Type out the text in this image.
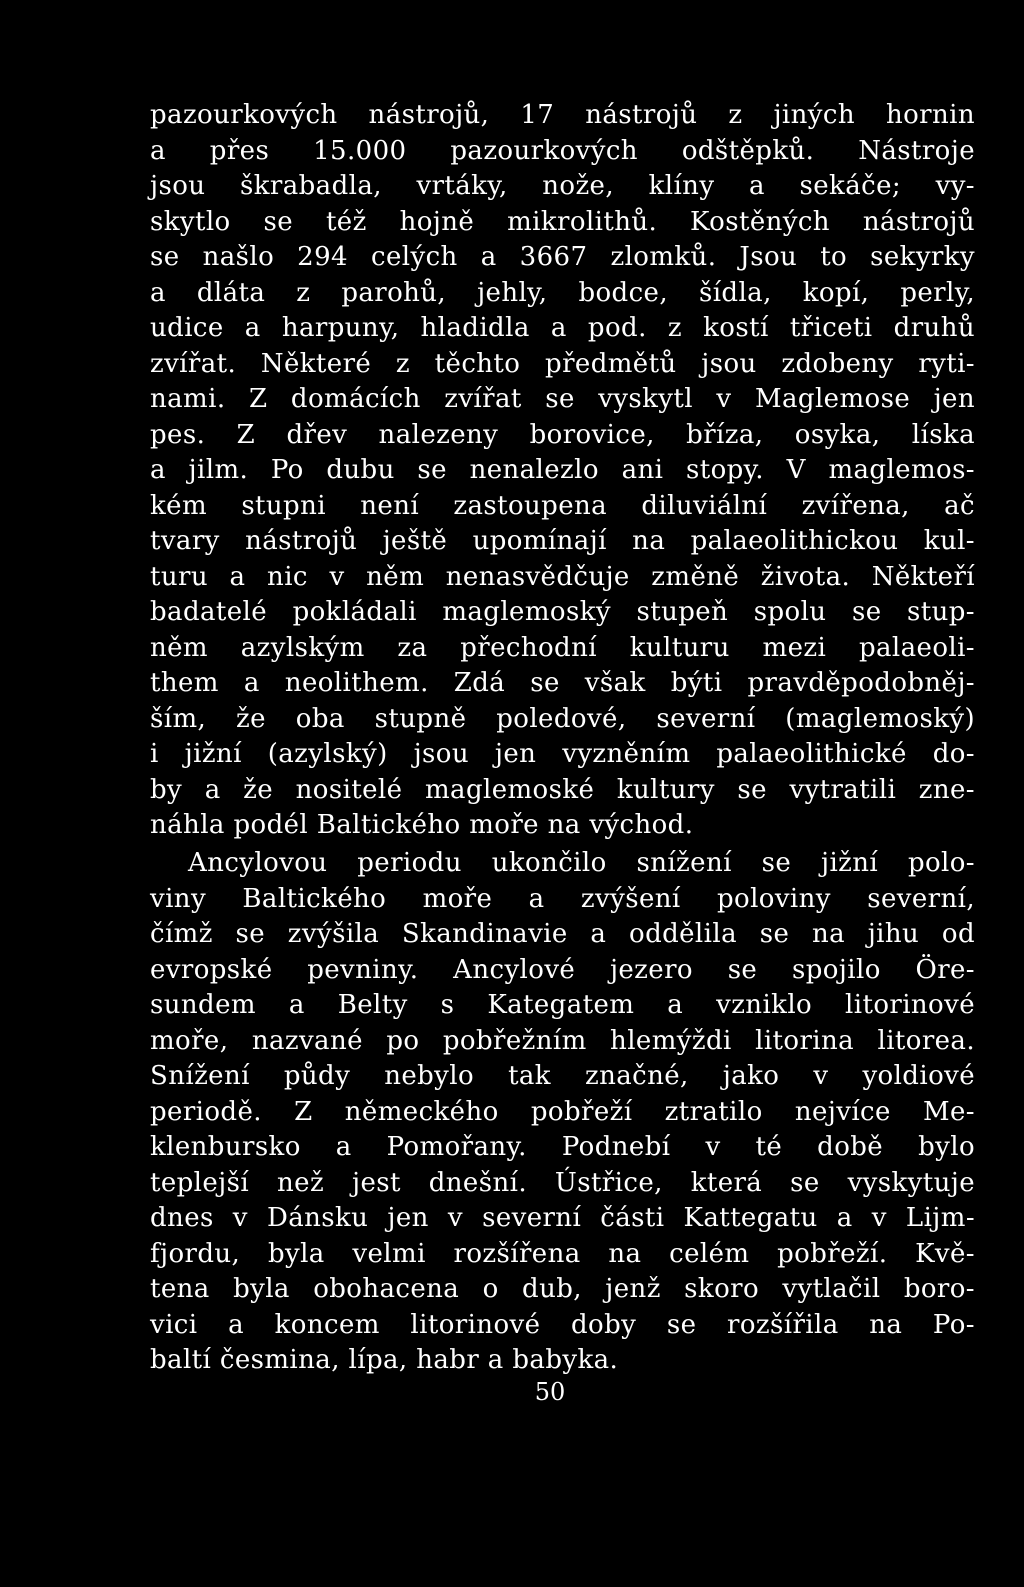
pazourkových nástrojů, 17 nástrojů z jiných hornin
a přes 15.000 pazourkových odštěpků. Nástroje
jsou škrabadla, vrtáky, nože, klíny a sekáče; vy-
skytlo se též hojně mikrolithů. Kostěných nástrojů
se našlo 294 celých a 3667 zlomků. Jsou to sekyrky
a dláta z parohů, jehly, bodce, šídla, kopí, perly,
udice a harpuny, hladidla a pod. z kostí třiceti druhů
zvířat. Některé z těchto předmětů jsou zdobeny ryti-
nami. Z domácích zvířat se vyskytl v Maglemose jen
pes. Z dřev nalezeny borovice, bříza, osyka, líska
a jilm. Po dubu se nenalezlo ani stopy. V maglemos-
kém stupni není zastoupena diluviální zvířena, ač
tvary nástrojů ještě upomínají na palaeolithickou kul-
turu a nic v něm nenasvědčuje změně života. Někteří
badatelé pokládali maglemoský stupeň spolu se stup-
něm azylským za přechodní kulturu mezi palaeoli-
them a neolithem. Zdá se však býti pravděpodobněj-
ším, že oba stupně poledové, severní (maglemoský)
i jižní (azylský) jsou jen vyzněním palaeolithické do-
by a že nositelé maglemoské kultury se vytratili zne-
náhla podél Baltického moře na východ.
Ancylovou periodu ukončilo snížení se jižní polo-
viny Baltického moře a zvýšení poloviny severní,
čímž se zvýšila Skandinavie a oddělila se na jihu od
evropské pevniny. Ancylové jezero se spojilo Öre-
sundem a Belty s Kategatem a vzniklo litorinové
moře, nazvané po pobřežním hlemýždi litorina litorea.
Snížení půdy nebylo tak značné, jako v yoldiové
periodě. Z německého pobřeží ztratilo nejvíce Me-
klenbursko a Pomořany. Podnebí v té době bylo
teplejší než jest dnešní. Ústřice, která se vyskytuje
dnes v Dánsku jen v severní části Kattegatu a v Lijm-
fjordu, byla velmi rozšířena na celém pobřeží. Kvě-
tena byla obohacena o dub, jenž skoro vytlačil boro-
vici a koncem litorinové doby se rozšířila na Po-
baltí česmina, lípa, habr a babyka.
50
